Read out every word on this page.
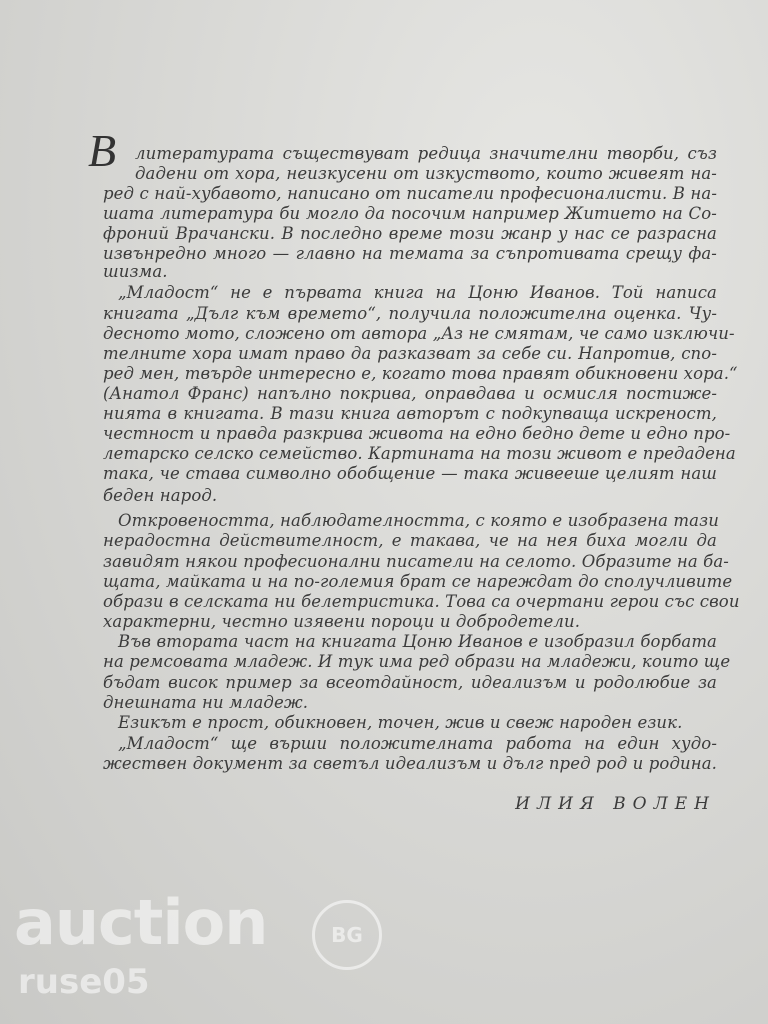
В литературата съществуват редица значителни творби, съз
дадени от хора, неизкусени от изкуството, които живеят на-
ред с най-хубавото, написано от писатели професионалисти. В на-
шата литература би могло да посочим например Житието на Со-
фроний Врачански. В последно време този жанр у нас се разрасна
извънредно много — главно на темата за съпротивата срещу фа-
шизма.
„Младост“ не е първата книга на Цоню Иванов. Той написа
книгата „Дълг към времето“, получила положителна оценка. Чу-
десното мото, сложено от автора „Аз не смятам, че само изключи-
телните хора имат право да разказват за себе си. Напротив, спо-
ред мен, твърде интересно е, когато това правят обикновени хора.“
(Анатол Франс) напълно покрива, оправдава и осмисля постиже-
нията в книгата. В тази книга авторът с подкупваща искреност,
честност и правда разкрива живота на едно бедно дете и едно про-
летарско селско семейство. Картината на този живот е предадена
така, че става символно обобщение — така живееше целият наш
беден народ.
Откровеността, наблюдателността, с която е изобразена тази
нерадостна действителност, е такава, че на нея биха могли да
завидят някои професионални писатели на селото. Образите на ба-
щата, майката и на по-големия брат се нареждат до сполучливите
образи в селската ни белетристика. Това са очертани герои със свои
характерни, честно изявени пороци и добродетели.
Във втората част на книгата Цоню Иванов е изобразил борбата
на ремсовата младеж. И тук има ред образи на младежи, които ще
бъдат висок пример за всеотдайност, идеализъм и родолюбие за
днешната ни младеж.
Езикът е прост, обикновен, точен, жив и свеж народен език.
„Младост“ ще върши положителната работа на един худо-
жествен документ за светъл идеализъм и дълг пред род и родина.
ИЛИЯ ВОЛЕН
auction	BG
ruse05
